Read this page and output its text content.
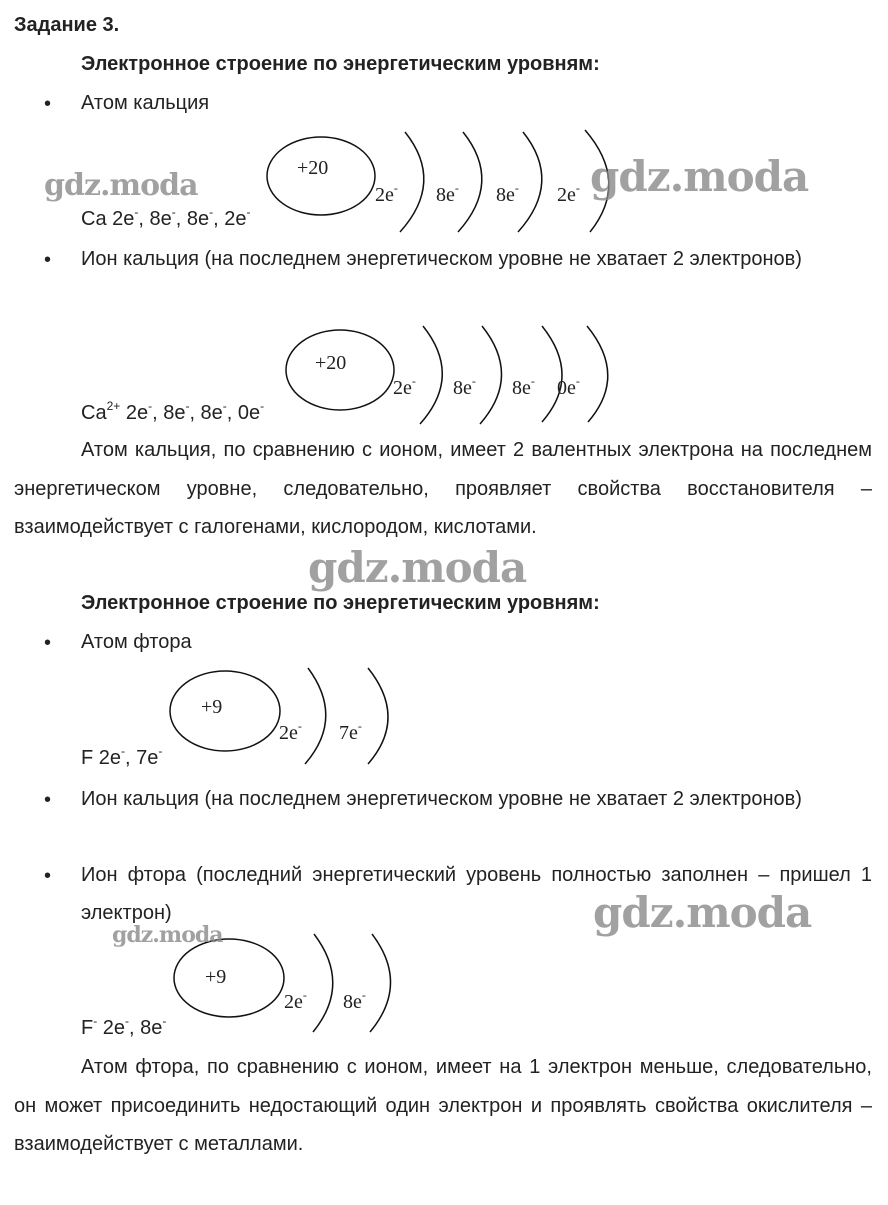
Задание 3.
Электронное строение по энергетическим уровням:
• Атом кальция
+20
2e- 8e- 8e- 2e-
Ca 2e-, 8e-, 8e-, 2e-
• Ион кальция (на последнем энергетическом уровне не хватает 2 электронов)
+20
2e- 8e- 8e- 0e-
$Ca^{2+}$ 2e-, 8e-, 8e-, 0e-
Атом кальция, по сравнению с ионом, имеет 2 валентных электрона на последнем энергетическом уровне, следовательно, проявляет свойства восстановителя – взаимодействует с галогенами, кислородом, кислотами.
Электронное строение по энергетическим уровням:
• Атом фтора
+9
2e- 7e-
F 2e-, 7e-
• Ион кальция (на последнем энергетическом уровне не хватает 2 электронов)
• Ион фтора (последний энергетический уровень полностью заполнен – пришел 1 электрон)
+9
2e- 8e-
F- 2e-, 8e-
Атом фтора, по сравнению с ионом, имеет на 1 электрон меньше, следовательно, он может присоединить недостающий один электрон и проявлять свойства окислителя – взаимодействует с металлами.
gdz.moda	gdz.moda
gdz.moda
gdz.moda
gdz.moda
